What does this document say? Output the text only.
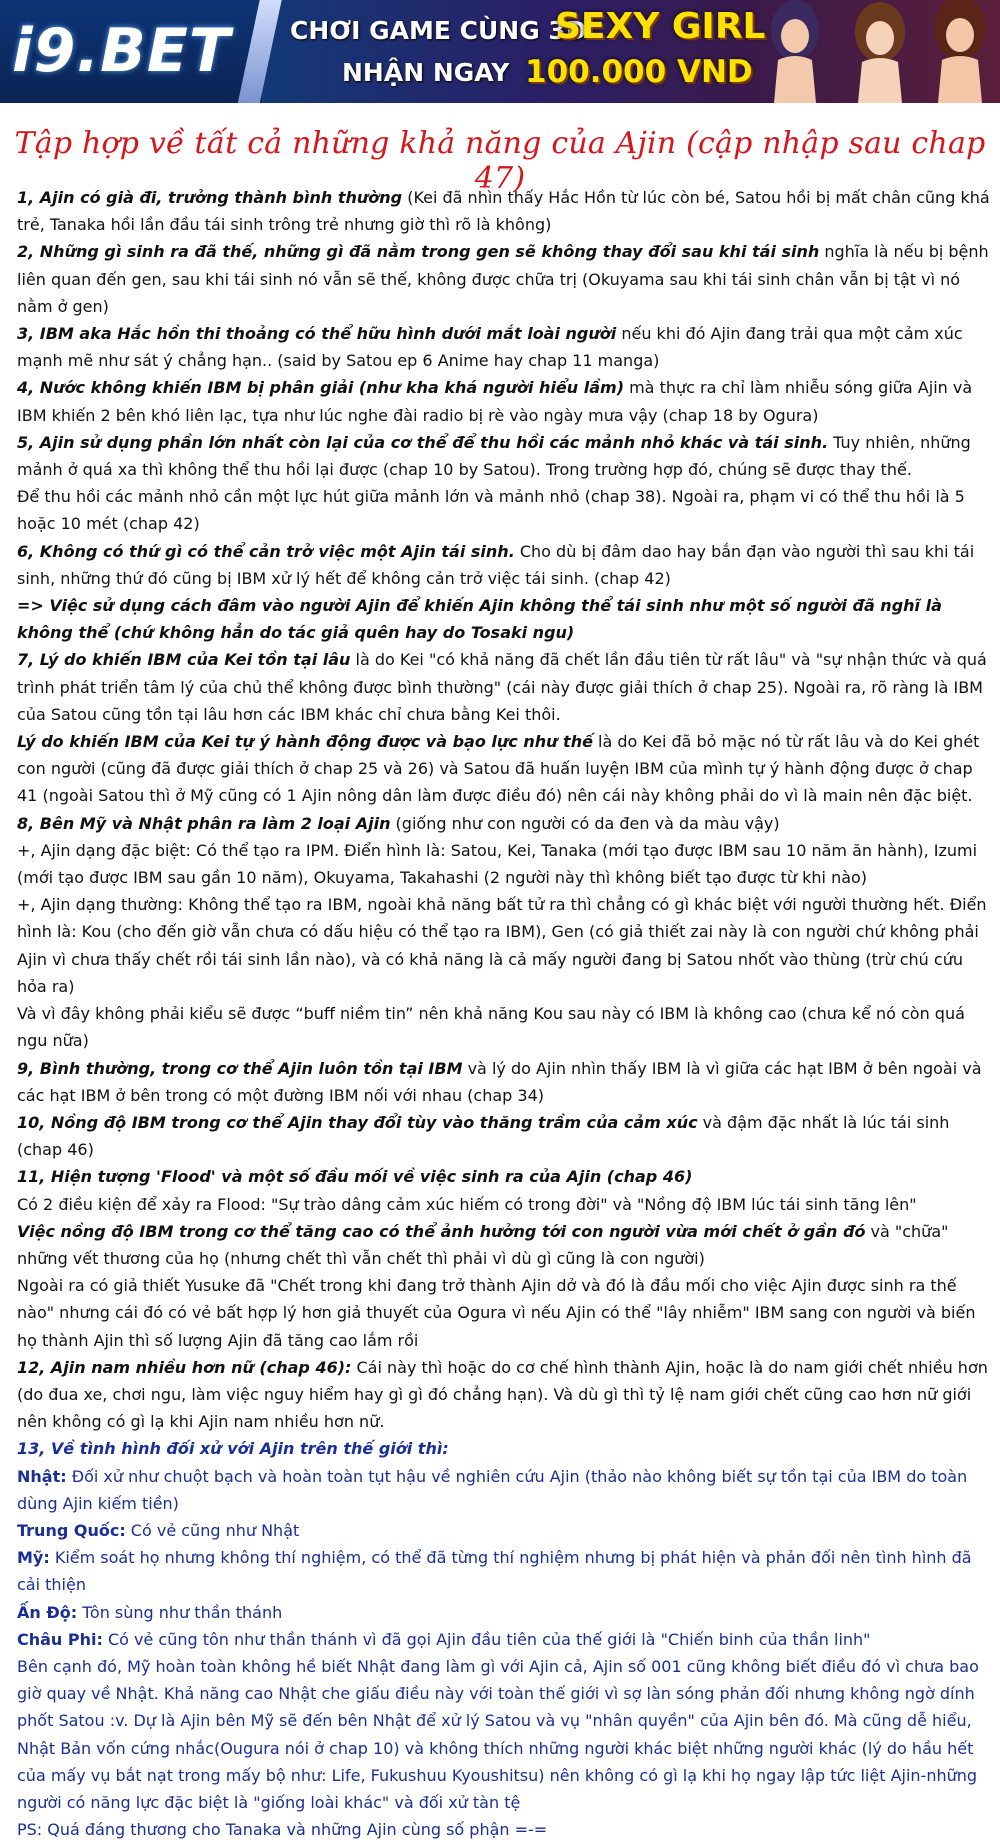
i9.BET CHƠI GAME CÙNG 3D
SEXY GIRL
NHẬN NGAY 100.000 VND
Tập hợp về tất cả những khả năng của Ajin (cập nhập sau chap 47)

1, Ajin có già đi, trưởng thành bình thường (Kei đã nhìn thấy Hắc Hồn từ lúc còn bé, Satou hồi bị mất chân cũng khá trẻ, Tanaka hồi lần đầu tái sinh trông trẻ nhưng giờ thì rõ là không)

2, Những gì sinh ra đã thế, những gì đã nằm trong gen sẽ không thay đổi sau khi tái sinh nghĩa là nếu bị bệnh liên quan đến gen, sau khi tái sinh nó vẫn sẽ thế, không được chữa trị (Okuyama sau khi tái sinh chân vẫn bị tật vì nó nằm ở gen)

3, IBM aka Hắc hồn thi thoảng có thể hữu hình dưới mắt loài người nếu khi đó Ajin đang trải qua một cảm xúc mạnh mẽ như sát ý chẳng hạn.. (said by Satou ep 6 Anime hay chap 11 manga)

4, Nước không khiến IBM bị phân giải (như kha khá người hiểu lầm) mà thực ra chỉ làm nhiễu sóng giữa Ajin và IBM khiến 2 bên khó liên lạc, tựa như lúc nghe đài radio bị rè vào ngày mưa vậy (chap 18 by Ogura)

5, Ajin sử dụng phần lớn nhất còn lại của cơ thể để thu hồi các mảnh nhỏ khác và tái sinh. Tuy nhiên, những mảnh ở quá xa thì không thể thu hồi lại được (chap 10 by Satou). Trong trường hợp đó, chúng sẽ được thay thế.

Để thu hồi các mảnh nhỏ cần một lực hút giữa mảnh lớn và mảnh nhỏ (chap 38). Ngoài ra, phạm vi có thể thu hồi là 5 hoặc 10 mét (chap 42)

6, Không có thứ gì có thể cản trở việc một Ajin tái sinh. Cho dù bị đâm dao hay bắn đạn vào người thì sau khi tái sinh, những thứ đó cũng bị IBM xử lý hết để không cản trở việc tái sinh. (chap 42)

=> Việc sử dụng cách đâm vào người Ajin để khiến Ajin không thể tái sinh như một số người đã nghĩ là không thể (chứ không hẳn do tác giả quên hay do Tosaki ngu)

7, Lý do khiến IBM của Kei tồn tại lâu là do Kei "có khả năng đã chết lần đầu tiên từ rất lâu" và "sự nhận thức và quá trình phát triển tâm lý của chủ thể không được bình thường" (cái này được giải thích ở chap 25). Ngoài ra, rõ ràng là IBM của Satou cũng tồn tại lâu hơn các IBM khác chỉ chưa bằng Kei thôi.

Lý do khiến IBM của Kei tự ý hành động được và bạo lực như thế là do Kei đã bỏ mặc nó từ rất lâu và do Kei ghét con người (cũng đã được giải thích ở chap 25 và 26) và Satou đã huấn luyện IBM của mình tự ý hành động được ở chap 41 (ngoài Satou thì ở Mỹ cũng có 1 Ajin nông dân làm được điều đó) nên cái này không phải do vì là main nên đặc biệt.

8, Bên Mỹ và Nhật phân ra làm 2 loại Ajin (giống như con người có da đen và da màu vậy)

+, Ajin dạng đặc biệt: Có thể tạo ra IPM. Điển hình là: Satou, Kei, Tanaka (mới tạo được IBM sau 10 năm ăn hành), Izumi (mới tạo được IBM sau gần 10 năm), Okuyama, Takahashi (2 người này thì không biết tạo được từ khi nào)

+, Ajin dạng thường: Không thể tạo ra IBM, ngoài khả năng bất tử ra thì chẳng có gì khác biệt với người thường hết. Điển hình là: Kou (cho đến giờ vẫn chưa có dấu hiệu có thể tạo ra IBM), Gen (có giả thiết zai này là con người chứ không phải Ajin vì chưa thấy chết rồi tái sinh lần nào), và có khả năng là cả mấy người đang bị Satou nhốt vào thùng (trừ chú cứu hỏa ra)

Và vì đây không phải kiểu sẽ được “buff niềm tin” nên khả năng Kou sau này có IBM là không cao (chưa kể nó còn quá ngu nữa)

9, Bình thường, trong cơ thể Ajin luôn tồn tại IBM và lý do Ajin nhìn thấy IBM là vì giữa các hạt IBM ở bên ngoài và các hạt IBM ở bên trong có một đường IBM nối với nhau (chap 34)

10, Nồng độ IBM trong cơ thể Ajin thay đổi tùy vào thăng trầm của cảm xúc và đậm đặc nhất là lúc tái sinh (chap 46)

11, Hiện tượng 'Flood' và một số đầu mối về việc sinh ra của Ajin (chap 46)

Có 2 điều kiện để xảy ra Flood: "Sự trào dâng cảm xúc hiếm có trong đời" và "Nồng độ IBM lúc tái sinh tăng lên"

Việc nồng độ IBM trong cơ thể tăng cao có thể ảnh hưởng tới con người vừa mới chết ở gần đó và "chữa" những vết thương của họ (nhưng chết thì vẫn chết thì phải vì dù gì cũng là con người)

Ngoài ra có giả thiết Yusuke đã "Chết trong khi đang trở thành Ajin dở và đó là đầu mối cho việc Ajin được sinh ra thế nào" nhưng cái đó có vẻ bất hợp lý hơn giả thuyết của Ogura vì nếu Ajin có thể "lây nhiễm" IBM sang con người và biến họ thành Ajin thì số lượng Ajin đã tăng cao lắm rồi

12, Ajin nam nhiều hơn nữ (chap 46): Cái này thì hoặc do cơ chế hình thành Ajin, hoặc là do nam giới chết nhiều hơn (do đua xe, chơi ngu, làm việc nguy hiểm hay gì gì đó chẳng hạn). Và dù gì thì tỷ lệ nam giới chết cũng cao hơn nữ giới nên không có gì lạ khi Ajin nam nhiều hơn nữ.

13, Về tình hình đối xử với Ajin trên thế giới thì:

Nhật: Đối xử như chuột bạch và hoàn toàn tụt hậu về nghiên cứu Ajin (thảo nào không biết sự tồn tại của IBM do toàn dùng Ajin kiếm tiền)

Trung Quốc: Có vẻ cũng như Nhật

Mỹ: Kiểm soát họ nhưng không thí nghiệm, có thể đã từng thí nghiệm nhưng bị phát hiện và phản đối nên tình hình đã cải thiện

Ấn Độ: Tôn sùng như thần thánh

Châu Phi: Có vẻ cũng tôn như thần thánh vì đã gọi Ajin đầu tiên của thế giới là "Chiến binh của thần linh"

Bên cạnh đó, Mỹ hoàn toàn không hề biết Nhật đang làm gì với Ajin cả, Ajin số 001 cũng không biết điều đó vì chưa bao giờ quay về Nhật. Khả năng cao Nhật che giấu điều này với toàn thế giới vì sợ làn sóng phản đối nhưng không ngờ dính phốt Satou :v. Dự là Ajin bên Mỹ sẽ đến bên Nhật để xử lý Satou và vụ "nhân quyền" của Ajin bên đó. Mà cũng dễ hiểu, Nhật Bản vốn cứng nhắc(Ougura nói ở chap 10) và không thích những người khác biệt những người khác (lý do hầu hết của mấy vụ bắt nạt trong mấy bộ như: Life, Fukushuu Kyoushitsu) nên không có gì lạ khi họ ngay lập tức liệt Ajin-những người có năng lực đặc biệt là "giống loài khác" và đối xử tàn tệ

PS: Quá đáng thương cho Tanaka và những Ajin cùng số phận =-=
